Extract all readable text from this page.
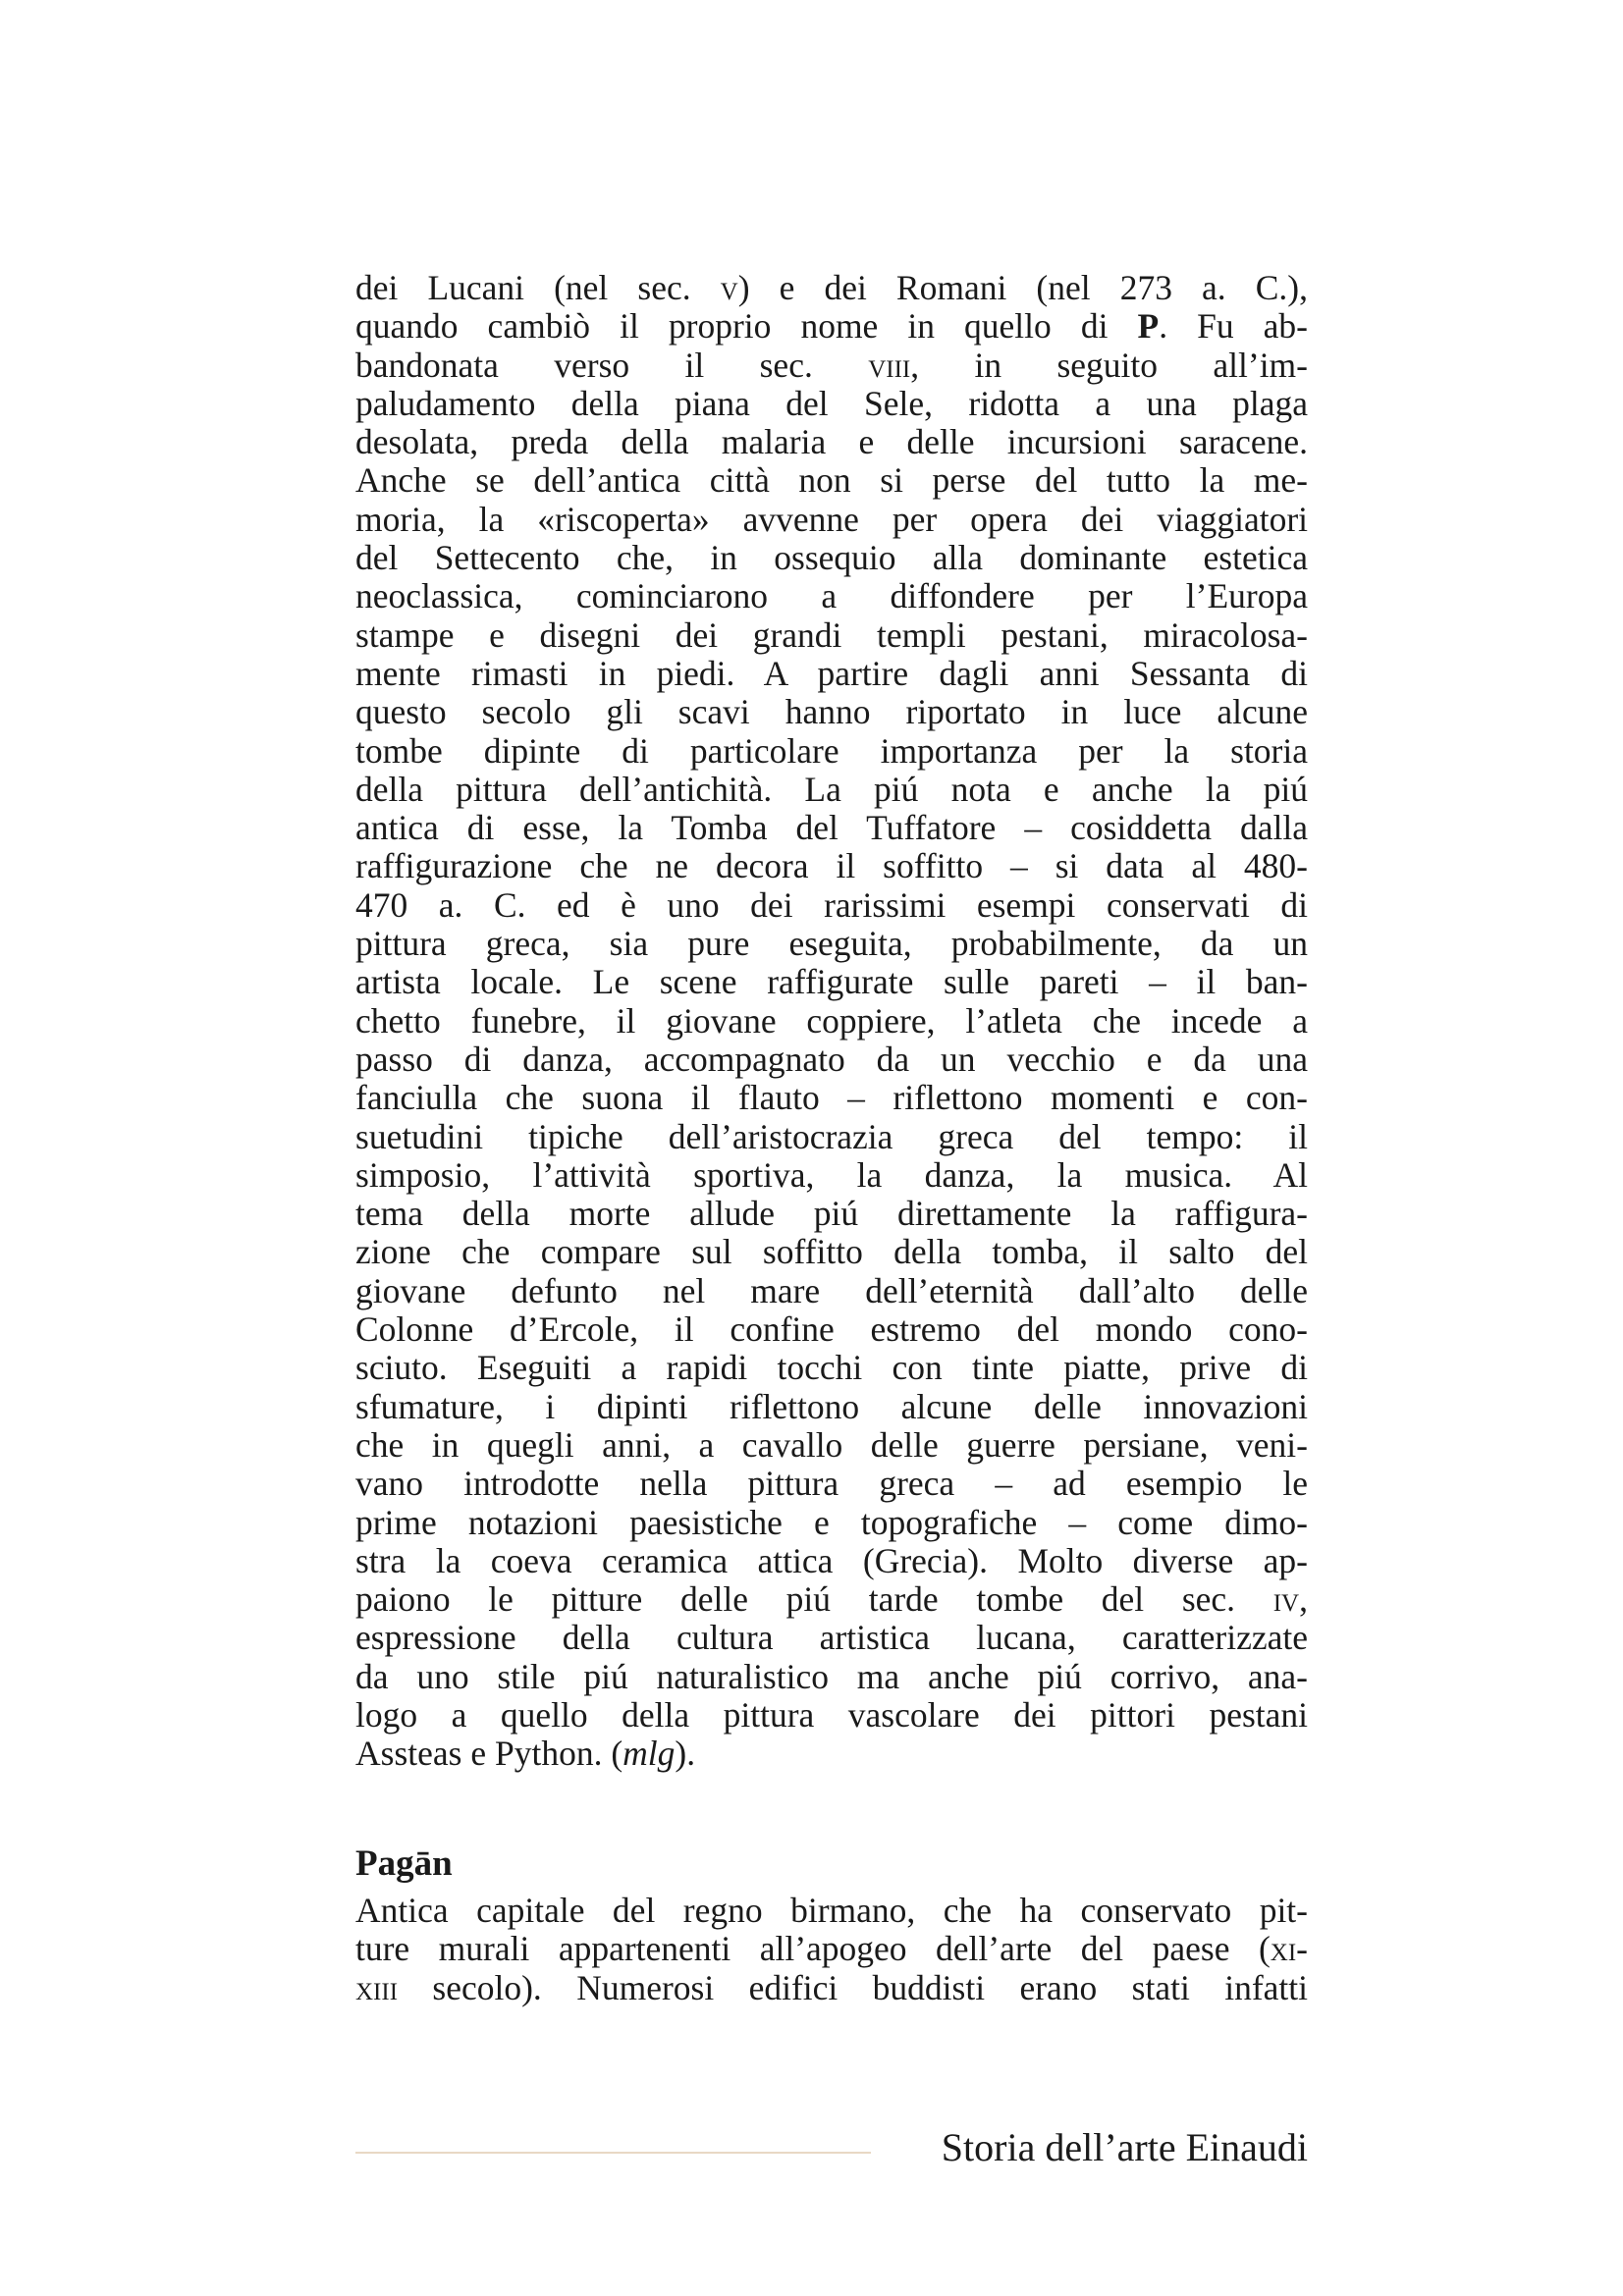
dei Lucani (nel sec. v) e dei Romani (nel 273 a. C.),
quando cambiò il proprio nome in quello di P. Fu ab-
bandonata verso il sec. viii, in seguito all’im-
paludamento della piana del Sele, ridotta a una plaga
desolata, preda della malaria e delle incursioni saracene.
Anche se dell’antica città non si perse del tutto la me-
moria, la «riscoperta» avvenne per opera dei viaggiatori
del Settecento che, in ossequio alla dominante estetica
neoclassica, cominciarono a diffondere per l’Europa
stampe e disegni dei grandi templi pestani, miracolosa-
mente rimasti in piedi. A partire dagli anni Sessanta di
questo secolo gli scavi hanno riportato in luce alcune
tombe dipinte di particolare importanza per la storia
della pittura dell’antichità. La piú nota e anche la piú
antica di esse, la Tomba del Tuffatore – cosiddetta dalla
raffigurazione che ne decora il soffitto – si data al 480-
470 a. C. ed è uno dei rarissimi esempi conservati di
pittura greca, sia pure eseguita, probabilmente, da un
artista locale. Le scene raffigurate sulle pareti – il ban-
chetto funebre, il giovane coppiere, l’atleta che incede a
passo di danza, accompagnato da un vecchio e da una
fanciulla che suona il flauto – riflettono momenti e con-
suetudini tipiche dell’aristocrazia greca del tempo: il
simposio, l’attività sportiva, la danza, la musica. Al
tema della morte allude piú direttamente la raffigura-
zione che compare sul soffitto della tomba, il salto del
giovane defunto nel mare dell’eternità dall’alto delle
Colonne d’Ercole, il confine estremo del mondo cono-
sciuto. Eseguiti a rapidi tocchi con tinte piatte, prive di
sfumature, i dipinti riflettono alcune delle innovazioni
che in quegli anni, a cavallo delle guerre persiane, veni-
vano introdotte nella pittura greca – ad esempio le
prime notazioni paesistiche e topografiche – come dimo-
stra la coeva ceramica attica (Grecia). Molto diverse ap-
paiono le pitture delle piú tarde tombe del sec. iv,
espressione della cultura artistica lucana, caratterizzate
da uno stile piú naturalistico ma anche piú corrivo, ana-
logo a quello della pittura vascolare dei pittori pestani
Assteas e Python. (mlg).
Pagān
Antica capitale del regno birmano, che ha conservato pit-
ture murali appartenenti all’apogeo dell’arte del paese (xi-
xiii secolo). Numerosi edifici buddisti erano stati infatti
Storia dell’arte Einaudi
